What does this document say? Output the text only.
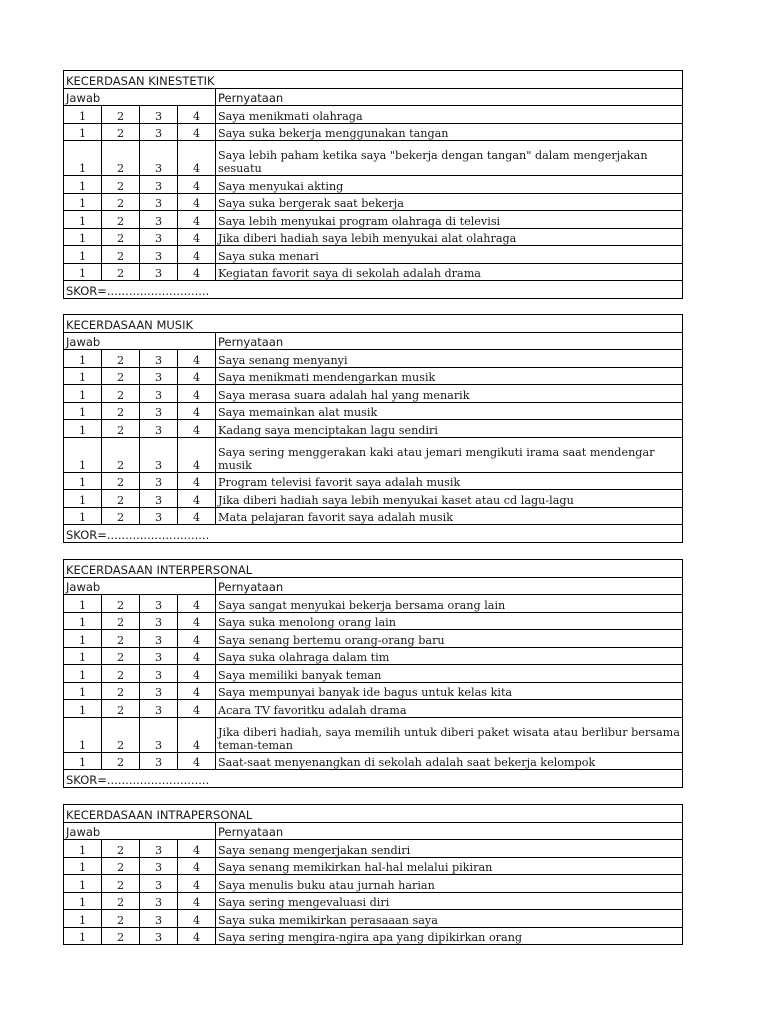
KECERDASAN KINESTETIK				
Jawab				Pernyataan
1	2	3	4	Saya menikmati olahraga
1	2	3	4	Saya suka bekerja menggunakan tangan
1	2	3	4	Saya lebih paham ketika saya "bekerja dengan tangan" dalam mengerjakan sesuatu
1	2	3	4	Saya menyukai akting
1	2	3	4	Saya suka bergerak saat bekerja
1	2	3	4	Saya lebih menyukai program olahraga di televisi
1	2	3	4	Jika diberi hadiah saya lebih menyukai alat olahraga
1	2	3	4	Saya suka menari
1	2	3	4	Kegiatan favorit saya di sekolah adalah drama
SKOR=............................				
KECERDASAAN MUSIK				
Jawab				Pernyataan
1	2	3	4	Saya senang menyanyi
1	2	3	4	Saya menikmati mendengarkan musik
1	2	3	4	Saya merasa suara adalah hal yang menarik
1	2	3	4	Saya memainkan alat musik
1	2	3	4	Kadang saya menciptakan lagu sendiri
1	2	3	4	Saya sering menggerakan kaki atau jemari mengikuti irama saat mendengar musik
1	2	3	4	Program televisi favorit saya adalah musik
1	2	3	4	Jika diberi hadiah saya lebih menyukai kaset atau cd lagu-lagu
1	2	3	4	Mata pelajaran favorit saya adalah musik
SKOR=............................				
KECERDASAAN INTERPERSONAL				
Jawab				Pernyataan
1	2	3	4	Saya sangat menyukai bekerja bersama orang lain
1	2	3	4	Saya suka menolong orang lain
1	2	3	4	Saya senang bertemu orang-orang baru
1	2	3	4	Saya suka olahraga dalam tim
1	2	3	4	Saya memiliki banyak teman
1	2	3	4	Saya mempunyai banyak ide bagus untuk kelas kita
1	2	3	4	Acara TV favoritku adalah drama
1	2	3	4	Jika diberi hadiah, saya memilih untuk diberi paket wisata atau berlibur bersama teman-teman
1	2	3	4	Saat-saat menyenangkan di sekolah adalah saat bekerja kelompok
SKOR=............................				
KECERDASAAN INTRAPERSONAL				
Jawab				Pernyataan
1	2	3	4	Saya senang mengerjakan sendiri
1	2	3	4	Saya senang memikirkan hal-hal melalui pikiran
1	2	3	4	Saya menulis buku atau jurnah harian
1	2	3	4	Saya sering mengevaluasi diri
1	2	3	4	Saya suka memikirkan perasaaan saya
1	2	3	4	Saya sering mengira-ngira apa yang dipikirkan orang
